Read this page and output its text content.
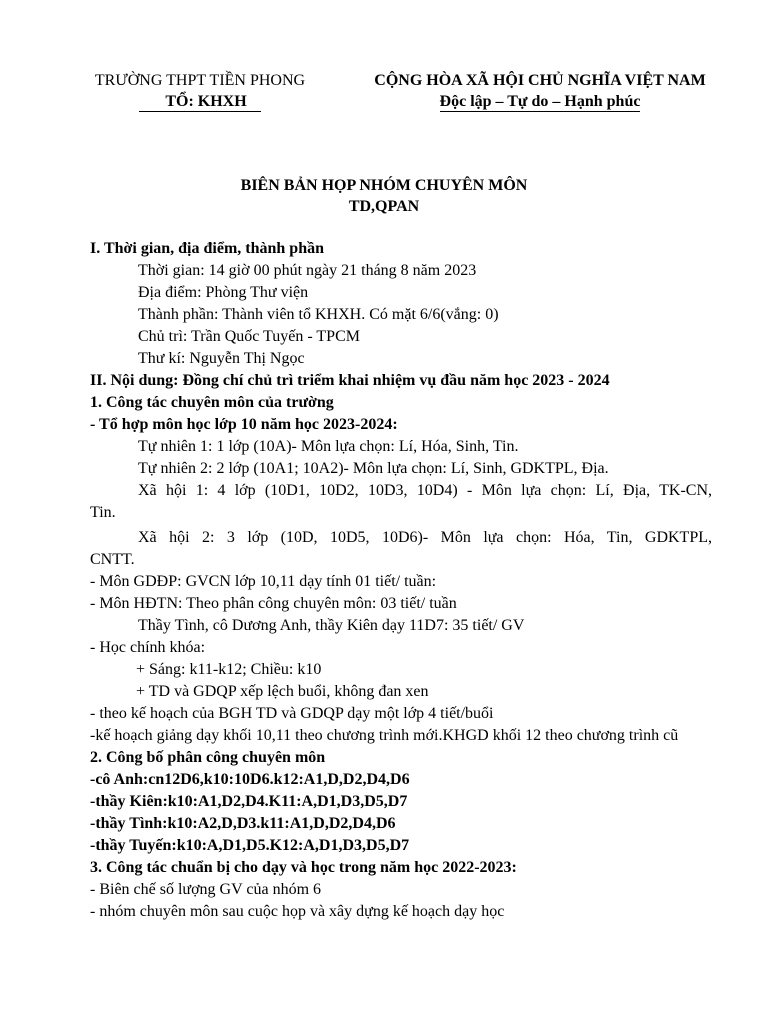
TRƯỜNG THPT TIỀN PHONG
TỔ: KHXH
CỘNG HÒA XÃ HỘI CHỦ NGHĨA VIỆT NAM
Độc lập – Tự do – Hạnh phúc
BIÊN BẢN HỌP NHÓM CHUYÊN MÔN
TD,QPAN
I. Thời gian, địa điểm, thành phần
Thời gian: 14 giờ 00 phút ngày 21 tháng 8 năm 2023
Địa điểm: Phòng Thư viện
Thành phần: Thành viên tổ KHXH. Có mặt 6/6(vắng: 0)
Chủ trì: Trần Quốc Tuyến - TPCM
Thư kí: Nguyễn Thị Ngọc
II. Nội dung: Đồng chí chủ trì triểm khai nhiệm vụ đầu năm học 2023 - 2024
1. Công tác chuyên môn của trường
- Tổ hợp môn học lớp 10 năm học 2023-2024:
Tự nhiên 1: 1 lớp (10A)- Môn lựa chọn: Lí, Hóa, Sinh, Tin.
Tự nhiên 2: 2 lớp (10A1; 10A2)- Môn lựa chọn: Lí, Sinh, GDKTPL, Địa.
Xã hội 1: 4 lớp (10D1, 10D2, 10D3, 10D4) - Môn lựa chọn: Lí, Địa, TK-CN,
Tin.
Xã hội 2: 3 lớp (10D, 10D5, 10D6)- Môn lựa chọn: Hóa, Tin, GDKTPL,
CNTT.
- Môn GDĐP: GVCN lớp 10,11 dạy tính 01 tiết/ tuần:
- Môn HĐTN: Theo phân công chuyên môn: 03 tiết/ tuần
Thầy Tình, cô Dương Anh, thầy Kiên dạy 11D7: 35 tiết/ GV
- Học chính khóa:
+ Sáng: k11-k12; Chiều: k10
+ TD và GDQP xếp lệch buổi, không đan xen
- theo kế hoạch của BGH TD và GDQP dạy một lớp 4 tiết/buổi
-kế hoạch giảng dạy khối 10,11 theo chương trình mới.KHGD khối 12 theo chương trình cũ
2. Công bố phân công chuyên môn
-cô Anh:cn12D6,k10:10D6.k12:A1,D,D2,D4,D6
-thầy Kiên:k10:A1,D2,D4.K11:A,D1,D3,D5,D7
-thầy Tình:k10:A2,D,D3.k11:A1,D,D2,D4,D6
-thầy Tuyến:k10:A,D1,D5.K12:A,D1,D3,D5,D7
3. Công tác chuẩn bị cho dạy và học trong năm học 2022-2023:
- Biên chế số lượng GV của nhóm 6
- nhóm chuyên môn sau cuộc họp và xây dựng kế hoạch dạy học
